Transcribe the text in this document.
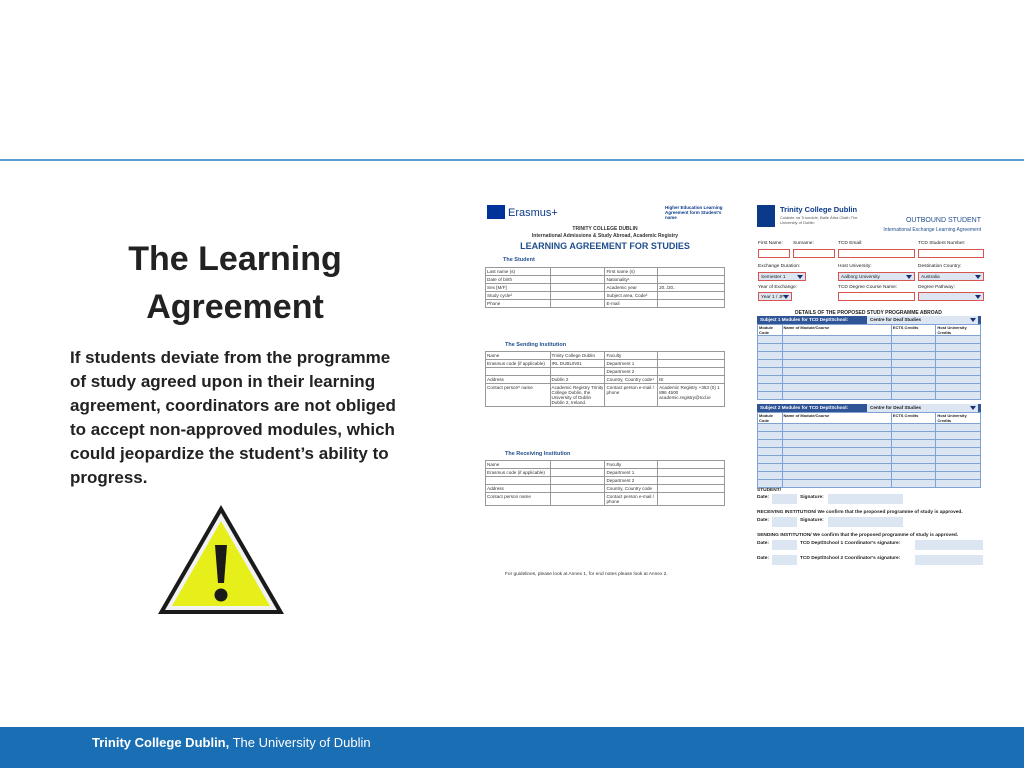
The Learning Agreement
If students deviate from the programme of study agreed upon in their learning agreement, coordinators are not obliged to accept non-approved modules, which could jeopardize the student’s ability to progress.
Erasmus+	Higher Education Learning Agreement form Student's name
TRINITY COLLEGE DUBLIN
International Admissions & Study Abroad, Academic Registry
LEARNING AGREEMENT FOR STUDIES
The Student
Last name (s)		First name (s)	
Date of birth		Nationality¹	
Sex [M/F]		Academic year	20../20..
Study cycle²		Subject area, Code³	
Phone		E-mail	
The Sending Institution
Name	Trinity College Dublin	Faculty	
Erasmus code (if applicable)	IRL DUBLIN01	Department 1	
		Department 2	
Address	Dublin 2	Country, Country code⁴	IE
Contact person⁵ name	Academic Registry Trinity College Dublin, the University of Dublin Dublin 2, Ireland.	Contact person e-mail / phone	Academic Registry +353 (0) 1 896 4500 academic.registry@tcd.ie
The Receiving Institution
Name		Faculty	
Erasmus code (if applicable)		Department 1	
		Department 2	
Address		Country, Country code	
Contact person name		Contact person e-mail / phone	
For guidelines, please look at Annex 1, for end notes please look at Annex 2.
Trinity College Dublin
Coláiste na Tríonóide, Baile Átha Cliath The University of Dublin	OUTBOUND STUDENT
International Exchange Learning Agreement
First Name: Surname:	TCD Email:	TCD Student Number:
Exchange Duration:	Host University:	Destination Country:
Semester 1	Aalborg University	Australia
Year of Exchange:	TCD Degree Course Name:	Degree Pathway:
Year 1 / JF
DETAILS OF THE PROPOSED STUDY PROGRAMME ABROAD
Subject 1 Modules for TCD Dept/School:	Centre for Deaf Studies
Module Code	Name of Module/Course	ECTS Credits	Host University Credits

Subject 2 Modules for TCD Dept/School:	Centre for Deaf Studies
Module Code	Name of Module/Course	ECTS Credits	Host University Credits

STUDENT/
Date:	Signature:
RECEIVING INSTITUTION/ We confirm that the proposed programme of study is approved.
Date:	Signature:
SENDING INSTITUTION/ We confirm that the proposed programme of study is approved.
Date:	TCD Dept/School 1 Coordinator's signature:
Date:	TCD Dept/School 2 Coordinator's signature:
Trinity College Dublin, The University of Dublin
